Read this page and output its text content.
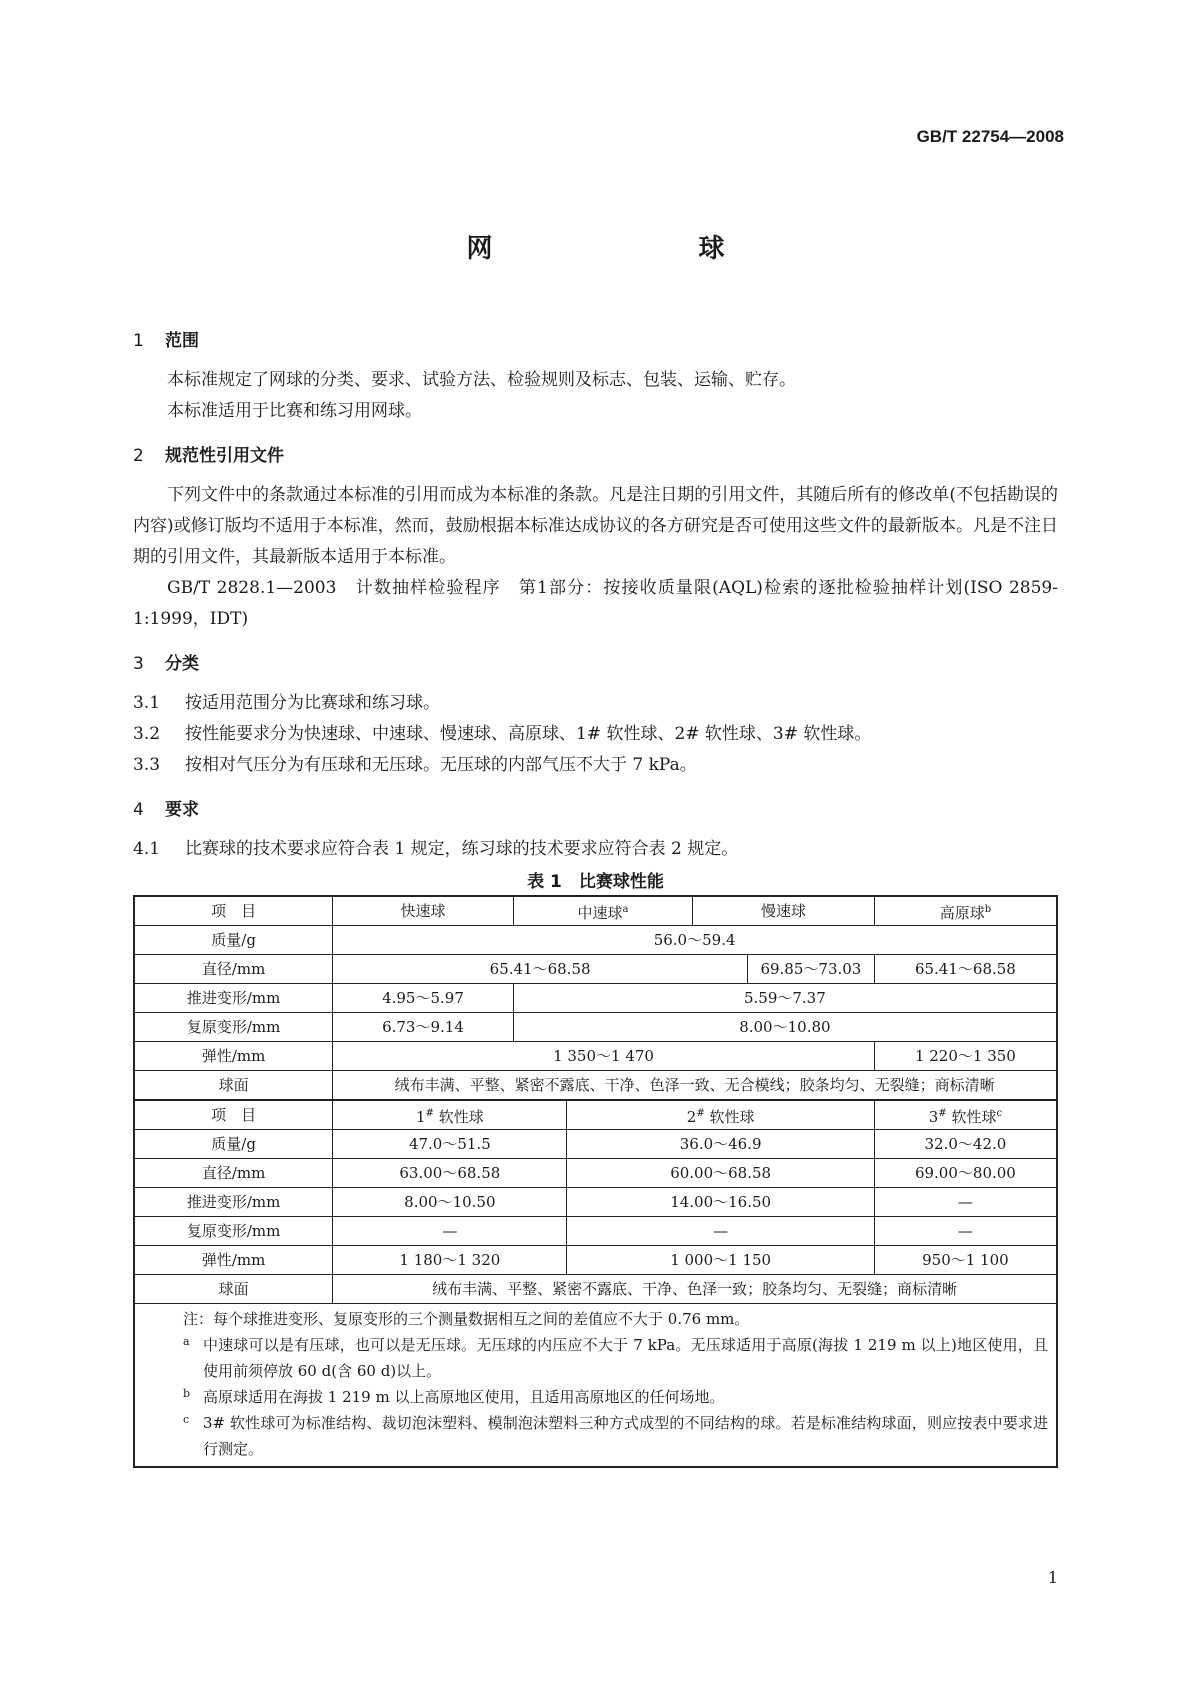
GB/T 22754—2008
网　球

1 范围

本标准规定了网球的分类、要求、试验方法、检验规则及标志、包装、运输、贮存。

本标准适用于比赛和练习用网球。

2 规范性引用文件

下列文件中的条款通过本标准的引用而成为本标准的条款。凡是注日期的引用文件，其随后所有的修改单(不包括勘误的内容)或修订版均不适用于本标准，然而，鼓励根据本标准达成协议的各方研究是否可使用这些文件的最新版本。凡是不注日期的引用文件，其最新版本适用于本标准。

GB/T 2828.1—2003　计数抽样检验程序　第1部分：按接收质量限(AQL)检索的逐批检验抽样计划(ISO 2859-1:1999，IDT)

3 分类

3.1 按适用范围分为比赛球和练习球。

3.2 按性能要求分为快速球、中速球、慢速球、高原球、1# 软性球、2# 软性球、3# 软性球。

3.3 按相对气压分为有压球和无压球。无压球的内部气压不大于 7 kPa。

4 要求

4.1 比赛球的技术要求应符合表 1 规定，练习球的技术要求应符合表 2 规定。

表 1　比赛球性能
项　目	快速球	中速球$^a$		慢速球		高原球$^b$
质量/g	56.0～59.4					
直径/mm	65.41～68.58				69.85～73.03	65.41～68.58
推进变形/mm	4.95～5.97	5.59～7.37				
复原变形/mm	6.73～9.14	8.00～10.80				
弹性/mm	1 350～1 470					1 220～1 350
球面	绒布丰满、平整、紧密不露底、干净、色泽一致、无合模线；胶条均匀、无裂缝；商标清晰					
项　目	1# 软性球		2# 软性球			3# 软性球$^c$
质量/g	47.0～51.5		36.0～46.9			32.0～42.0
直径/mm	63.00～68.58		60.00～68.58			69.00～80.00
推进变形/mm	8.00～10.50		14.00～16.50			—
复原变形/mm	—		—			—
弹性/mm	1 180～1 320		1 000～1 150			950～1 100
球面	绒布丰满、平整、紧密不露底、干净、色泽一致；胶条均匀、无裂缝；商标清晰					

注：每个球推进变形、复原变形的三个测量数据相互之间的差值应不大于 0.76 mm。

a 中速球可以是有压球，也可以是无压球。无压球的内压应不大于 7 kPa。无压球适用于高原(海拔 1 219 m 以上)地区使用，且使用前须停放 60 d(含 60 d)以上。

b 高原球适用在海拔 1 219 m 以上高原地区使用，且适用高原地区的任何场地。

c 3# 软性球可为标准结构、裁切泡沫塑料、模制泡沫塑料三种方式成型的不同结构的球。若是标准结构球面，则应按表中要求进行测定。

1
